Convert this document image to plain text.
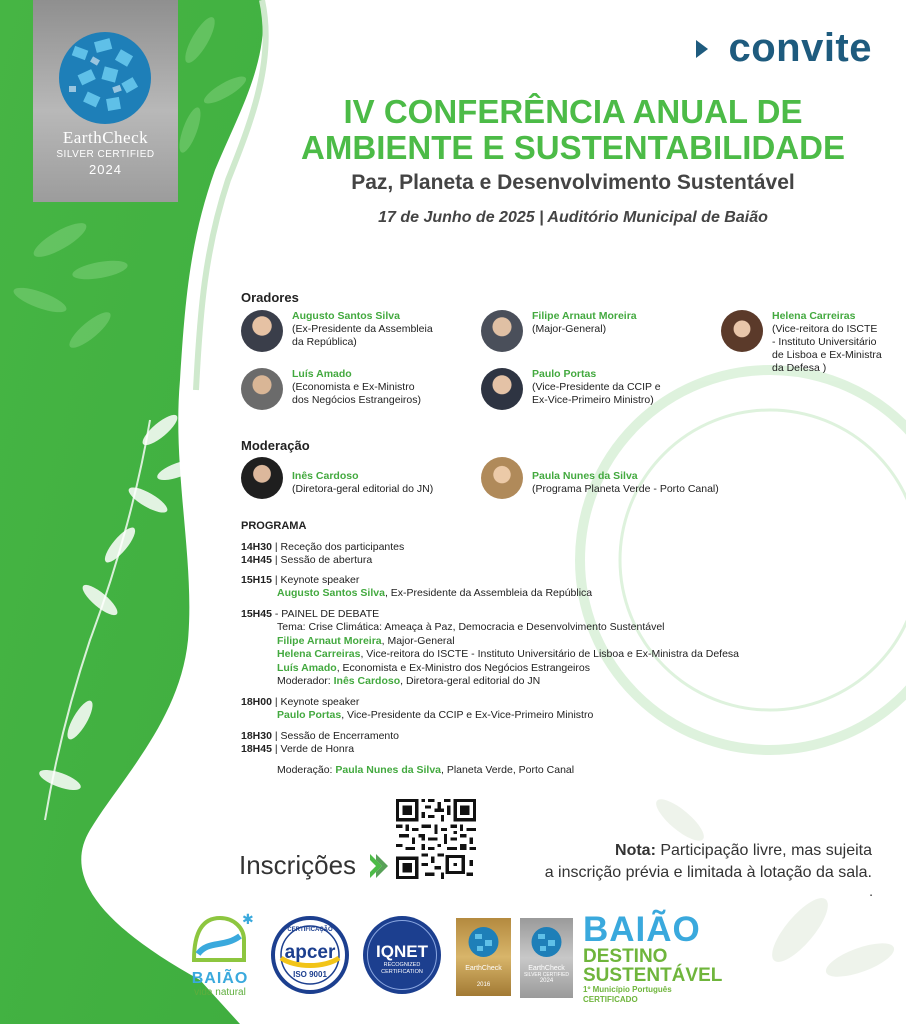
EarthCheck
SILVER CERTIFIED
2024
convite
IV CONFERÊNCIA ANUAL DE
AMBIENTE E SUSTENTABILIDADE
Paz, Planeta e Desenvolvimento Sustentável
17 de Junho de 2025 | Auditório Municipal de Baião
Oradores
Augusto Santos Silva
(Ex-Presidente da Assembleia
da República)
Luís Amado
(Economista e Ex-Ministro
dos Negócios Estrangeiros)
Filipe Arnaut Moreira
(Major-General)
Paulo Portas
(Vice-Presidente da CCIP e
Ex-Vice-Primeiro Ministro)
Helena Carreiras
(Vice-reitora do ISCTE
- Instituto Universitário
de Lisboa e Ex-Ministra
da Defesa )
Moderação
Inês Cardoso
(Diretora-geral editorial do JN)
Paula Nunes da Silva
(Programa Planeta Verde - Porto Canal)
PROGRAMA
14H30 | Receção dos participantes
14H45 | Sessão de abertura
15H15 | Keynote speaker
Augusto Santos Silva, Ex-Presidente da Assembleia da República
15H45 - PAINEL DE DEBATE
Tema: Crise Climática: Ameaça à Paz, Democracia e Desenvolvimento Sustentável
Filipe Arnaut Moreira, Major-General
Helena Carreiras, Vice-reitora do ISCTE - Instituto Universitário de Lisboa e Ex-Ministra da Defesa
Luís Amado, Economista e Ex-Ministro dos Negócios Estrangeiros
Moderador: Inês Cardoso, Diretora-geral editorial do JN
18H00 | Keynote speaker
Paulo Portas, Vice-Presidente da CCIP e Ex-Vice-Primeiro Ministro
18H30 | Sessão de Encerramento
18H45 | Verde de Honra
Moderação: Paula Nunes da Silva, Planeta Verde, Porto Canal
Inscrições	Nota: Participação livre, mas sujeita
a inscrição prévia e limitada à lotação da sala.
.
✱
BAIÃO
vida natural
CERTIFICAÇÃO
apcer
ISO 9001
IQNET
RECOGNIZED
CERTIFICATION	EarthCheck
2016
EarthCheck
SILVER CERTIFIED
2024
BAIÃO
DESTINO
SUSTENTÁVEL
1º Município Português CERTIFICADO
